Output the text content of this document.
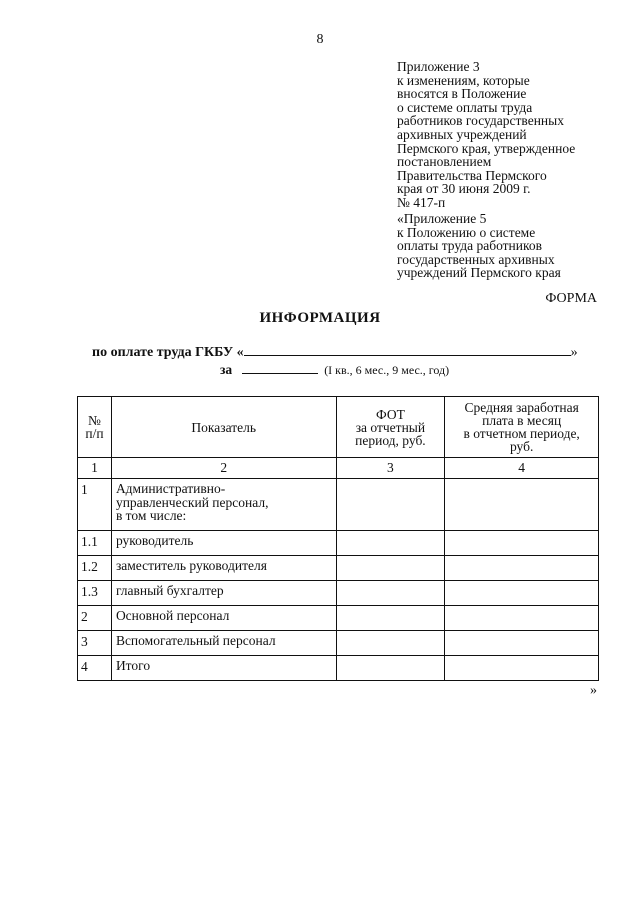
8
Приложение 3
к изменениям, которые
вносятся в Положение
о системе оплаты труда
работников государственных
архивных учреждений
Пермского края, утвержденное
постановлением
Правительства Пермского
края от 30 июня 2009 г.
№ 417-п
«Приложение 5
к Положению о системе
оплаты труда работников
государственных архивных
учреждений Пермского края
ФОРМА
ИНФОРМАЦИЯ
по оплате труда ГКБУ «	»
за	(I кв., 6 мес., 9 мес., год)
№
п/п	Показатель	ФОТ
за отчетный
период, руб.	Средняя заработная
плата в месяц
в отчетном периоде,
руб.
1	2	3	4
1	Административно-
управленческий персонал,
в том числе:		
1.1	руководитель		
1.2	заместитель руководителя		
1.3	главный бухгалтер		
2	Основной персонал		
3	Вспомогательный персонал		
4	Итого		
»
